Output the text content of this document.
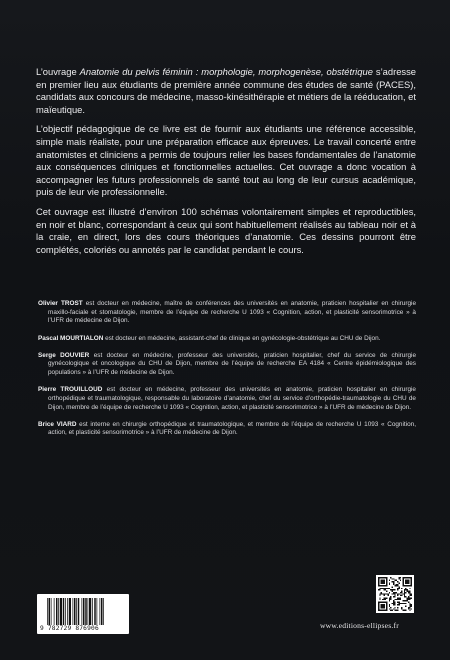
L’ouvrage Anatomie du pelvis féminin : morphologie, morphogenèse, obstétrique s’adresse en premier lieu aux étudiants de première année commune des études de santé (PACES), candidats aux concours de médecine, masso-kinésithérapie et métiers de la rééducation, et maïeutique.

L’objectif pédagogique de ce livre est de fournir aux étudiants une référence accessible, simple mais réaliste, pour une préparation efficace aux épreuves. Le travail concerté entre anatomistes et cliniciens a permis de toujours relier les bases fondamentales de l’anatomie aux conséquences cliniques et fonctionnelles actuelles. Cet ouvrage a donc vocation à accompagner les futurs professionnels de santé tout au long de leur cursus académique, puis de leur vie professionnelle.

Cet ouvrage est illustré d’environ 100 schémas volontairement simples et reproductibles, en noir et blanc, correspondant à ceux qui sont habituellement réalisés au tableau noir et à la craie, en direct, lors des cours théoriques d’anatomie. Ces dessins pourront être complétés, coloriés ou annotés par le candidat pendant le cours.

Olivier TROST est docteur en médecine, maître de conférences des universités en anatomie, praticien hospitalier en chirurgie maxillo-faciale et stomatologie, membre de l’équipe de recherche U 1093 « Cognition, action, et plasticité sensorimotrice » à l’UFR de médecine de Dijon.

Pascal MOURTIALON est docteur en médecine, assistant-chef de clinique en gynécologie-obstétrique au CHU de Dijon.

Serge DOUVIER est docteur en médecine, professeur des universités, praticien hospitalier, chef du service de chirurgie gynécologique et oncologique du CHU de Dijon, membre de l’équipe de recherche EA 4184 « Centre épidémiologique des populations » à l’UFR de médecine de Dijon.

Pierre TROUILLOUD est docteur en médecine, professeur des universités en anatomie, praticien hospitalier en chirurgie orthopédique et traumatologique, responsable du laboratoire d’anatomie, chef du service d’orthopédie-traumatologie du CHU de Dijon, membre de l’équipe de recherche U 1093 « Cognition, action, et plasticité sensorimotrice » à l’UFR de médecine de Dijon.

Brice VIARD est interne en chirurgie orthopédique et traumatologique, et membre de l’équipe de recherche U 1093 « Cognition, action, et plasticité sensorimotrice » à l’UFR de médecine de Dijon.

9 782729 876906	www.editions-ellipses.fr
